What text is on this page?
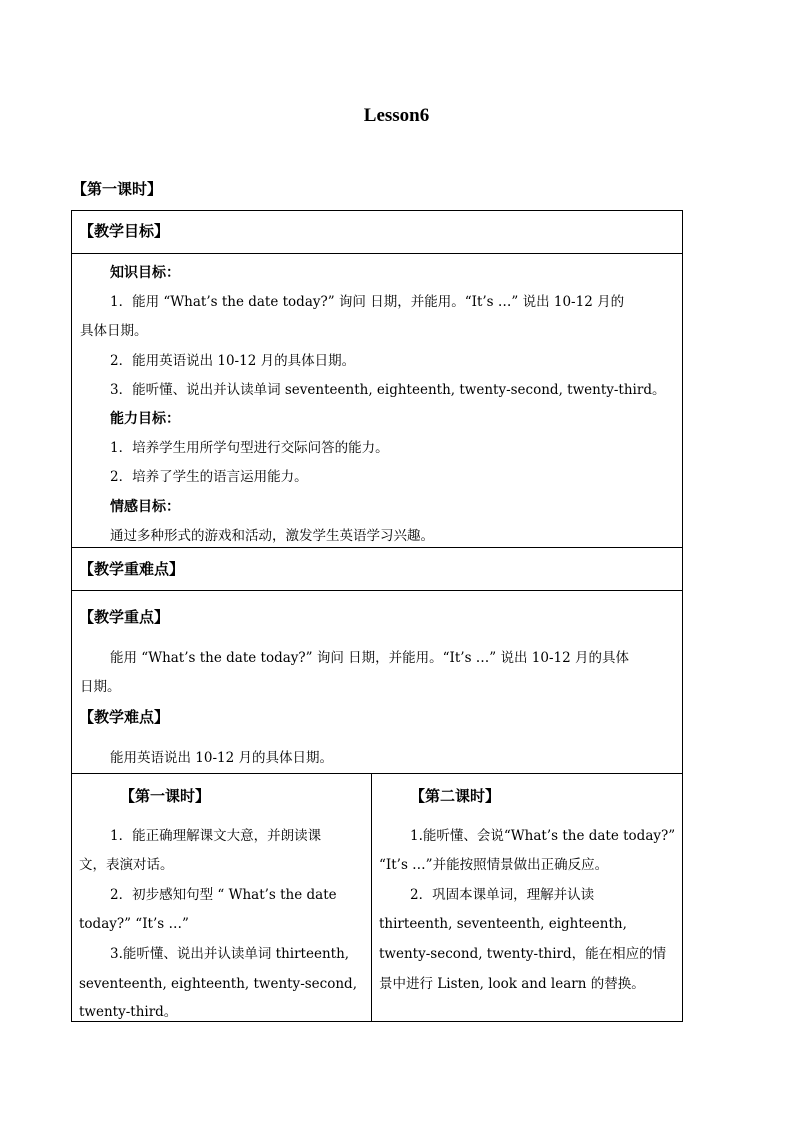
Lesson6
【第一课时】
【教学目标】
知识目标：
1．能用 “What’s the date today?” 询问 日期，并能用。“It’s …” 说出 10-12 月的
具体日期。
2．能用英语说出 10-12 月的具体日期。
3．能听懂、说出并认读单词 seventeenth, eighteenth, twenty-second, twenty-third。
能力目标：
1．培养学生用所学句型进行交际问答的能力。
2．培养了学生的语言运用能力。
情感目标：
通过多种形式的游戏和活动，激发学生英语学习兴趣。
【教学重难点】
【教学重点】
能用 “What’s the date today?” 询问 日期，并能用。“It’s …” 说出 10-12 月的具体
日期。
【教学难点】
能用英语说出 10-12 月的具体日期。
【第一课时】	【第二课时】
1．能正确理解课文大意，并朗读课
文，表演对话。
2．初步感知句型 “ What’s the date
today?” “It’s …”
3.能听懂、说出并认读单词 thirteenth,
seventeenth, eighteenth, twenty-second,
twenty-third。
1.能听懂、会说“What’s the date today?”
“It’s …”并能按照情景做出正确反应。
2．巩固本课单词，理解并认读
thirteenth, seventeenth, eighteenth,
twenty-second, twenty-third，能在相应的情
景中进行 Listen, look and learn 的替换。
